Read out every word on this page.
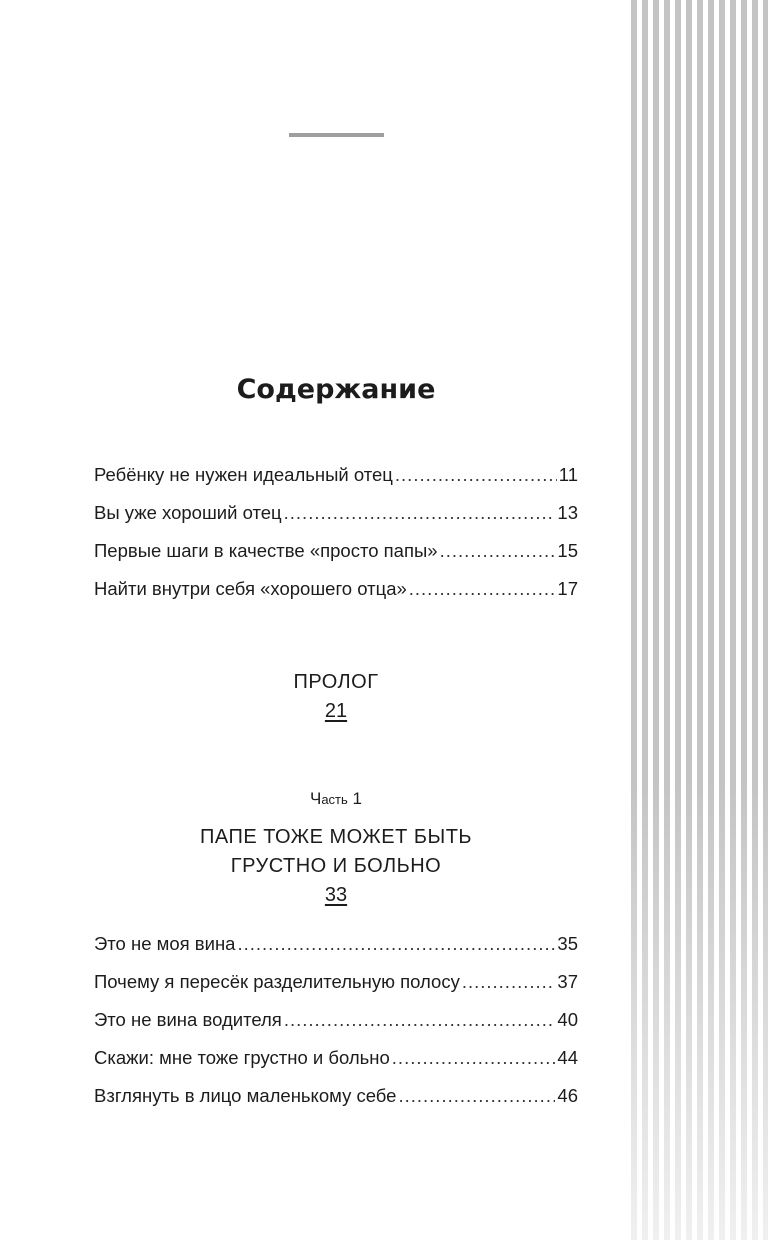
Содержание
Ребёнку не нужен идеальный отец .....	11
Вы уже хороший отец .....	13
Первые шаги в качестве «просто папы» .....	15
Найти внутри себя «хорошего отца» .....	17
ПРОЛОГ
21
Часть 1
ПАПЕ ТОЖЕ МОЖЕТ БЫТЬ
ГРУСТНО И БОЛЬНО
33
Это не моя вина .....	35
Почему я пересёк разделительную полосу .....	37
Это не вина водителя .....	40
Скажи: мне тоже грустно и больно .....	44
Взглянуть в лицо маленькому себе .....	46
